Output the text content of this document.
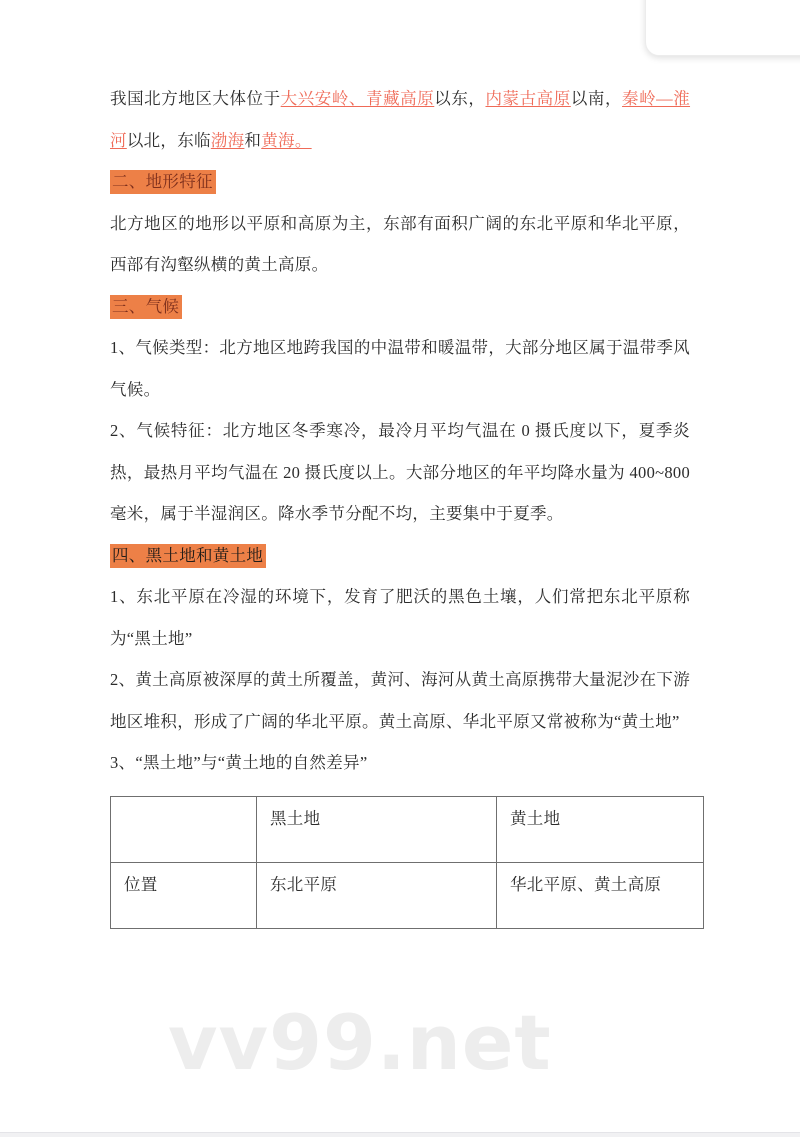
vv99.net

我国北方地区大体位于大兴安岭、青藏高原以东，内蒙古高原以南，秦岭—淮河以北，东临渤海和黄海。

二、地形特征

北方地区的地形以平原和高原为主，东部有面积广阔的东北平原和华北平原，西部有沟壑纵横的黄土高原。

三、气候

1、气候类型：北方地区地跨我国的中温带和暖温带，大部分地区属于温带季风气候。

2、气候特征：北方地区冬季寒冷，最冷月平均气温在 0 摄氏度以下，夏季炎热，最热月平均气温在 20 摄氏度以上。大部分地区的年平均降水量为 400~800 毫米，属于半湿润区。降水季节分配不均，主要集中于夏季。

四、黑土地和黄土地

1、东北平原在冷湿的环境下，发育了肥沃的黑色土壤，人们常把东北平原称为“黑土地”

2、黄土高原被深厚的黄土所覆盖，黄河、海河从黄土高原携带大量泥沙在下游地区堆积，形成了广阔的华北平原。黄土高原、华北平原又常被称为“黄土地”

3、“黑土地”与“黄土地的自然差异”

	黑土地	黄土地
位置	东北平原	华北平原、黄土高原
